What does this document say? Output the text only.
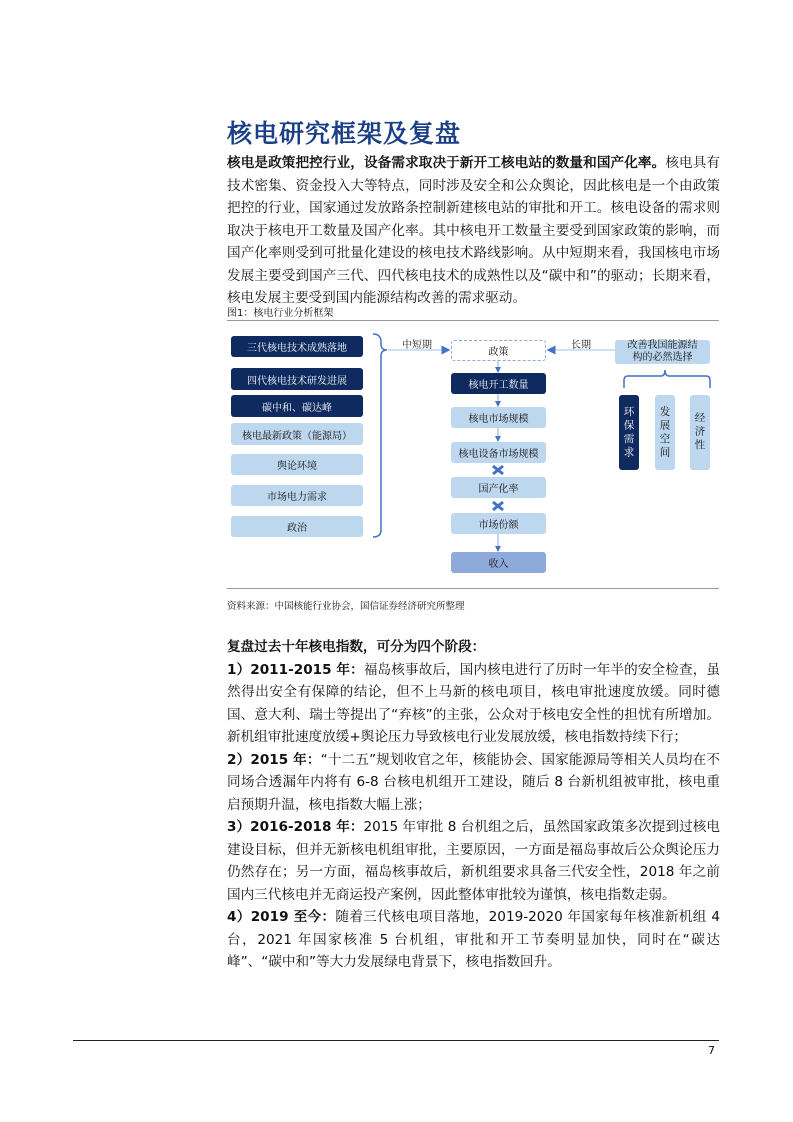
核电研究框架及复盘

核电是政策把控行业，设备需求取决于新开工核电站的数量和国产化率。核电具有技术密集、资金投入大等特点，同时涉及安全和公众舆论，因此核电是一个由政策把控的行业，国家通过发放路条控制新建核电站的审批和开工。核电设备的需求则取决于核电开工数量及国产化率。其中核电开工数量主要受到国家政策的影响，而国产化率则受到可批量化建设的核电技术路线影响。从中短期来看，我国核电市场发展主要受到国产三代、四代核电技术的成熟性以及“碳中和”的驱动；长期来看，核电发展主要受到国内能源结构改善的需求驱动。

图1：核电行业分析框架
三代核电技术成熟落地
四代核电技术研发进展
碳中和、碳达峰
核电最新政策（能源局）
舆论环境
市场电力需求
政治
中短期	长期
政策
核电开工数量
核电市场规模
核电设备市场规模
国产化率
市场份额
收入
改善我国能源结构的必然选择
环保需求	发展空间	经济性
资料来源：中国核能行业协会，国信证券经济研究所整理
复盘过去十年核电指数，可分为四个阶段：
1）2011-2015 年：福岛核事故后，国内核电进行了历时一年半的安全检查，虽然得出安全有保障的结论，但不上马新的核电项目，核电审批速度放缓。同时德国、意大利、瑞士等提出了“弃核”的主张，公众对于核电安全性的担忧有所增加。新机组审批速度放缓+舆论压力导致核电行业发展放缓，核电指数持续下行；
2）2015 年：“十二五”规划收官之年，核能协会、国家能源局等相关人员均在不同场合透漏年内将有 6-8 台核电机组开工建设，随后 8 台新机组被审批，核电重启预期升温，核电指数大幅上涨；
3）2016-2018 年：2015 年审批 8 台机组之后，虽然国家政策多次提到过核电建设目标，但并无新核电机组审批，主要原因，一方面是福岛事故后公众舆论压力仍然存在；另一方面，福岛核事故后，新机组要求具备三代安全性，2018 年之前国内三代核电并无商运投产案例，因此整体审批较为谨慎，核电指数走弱。
4）2019 至今：随着三代核电项目落地，2019-2020 年国家每年核准新机组 4 台，2021 年国家核准 5 台机组，审批和开工节奏明显加快，同时在“碳达峰”、“碳中和”等大力发展绿电背景下，核电指数回升。
7
